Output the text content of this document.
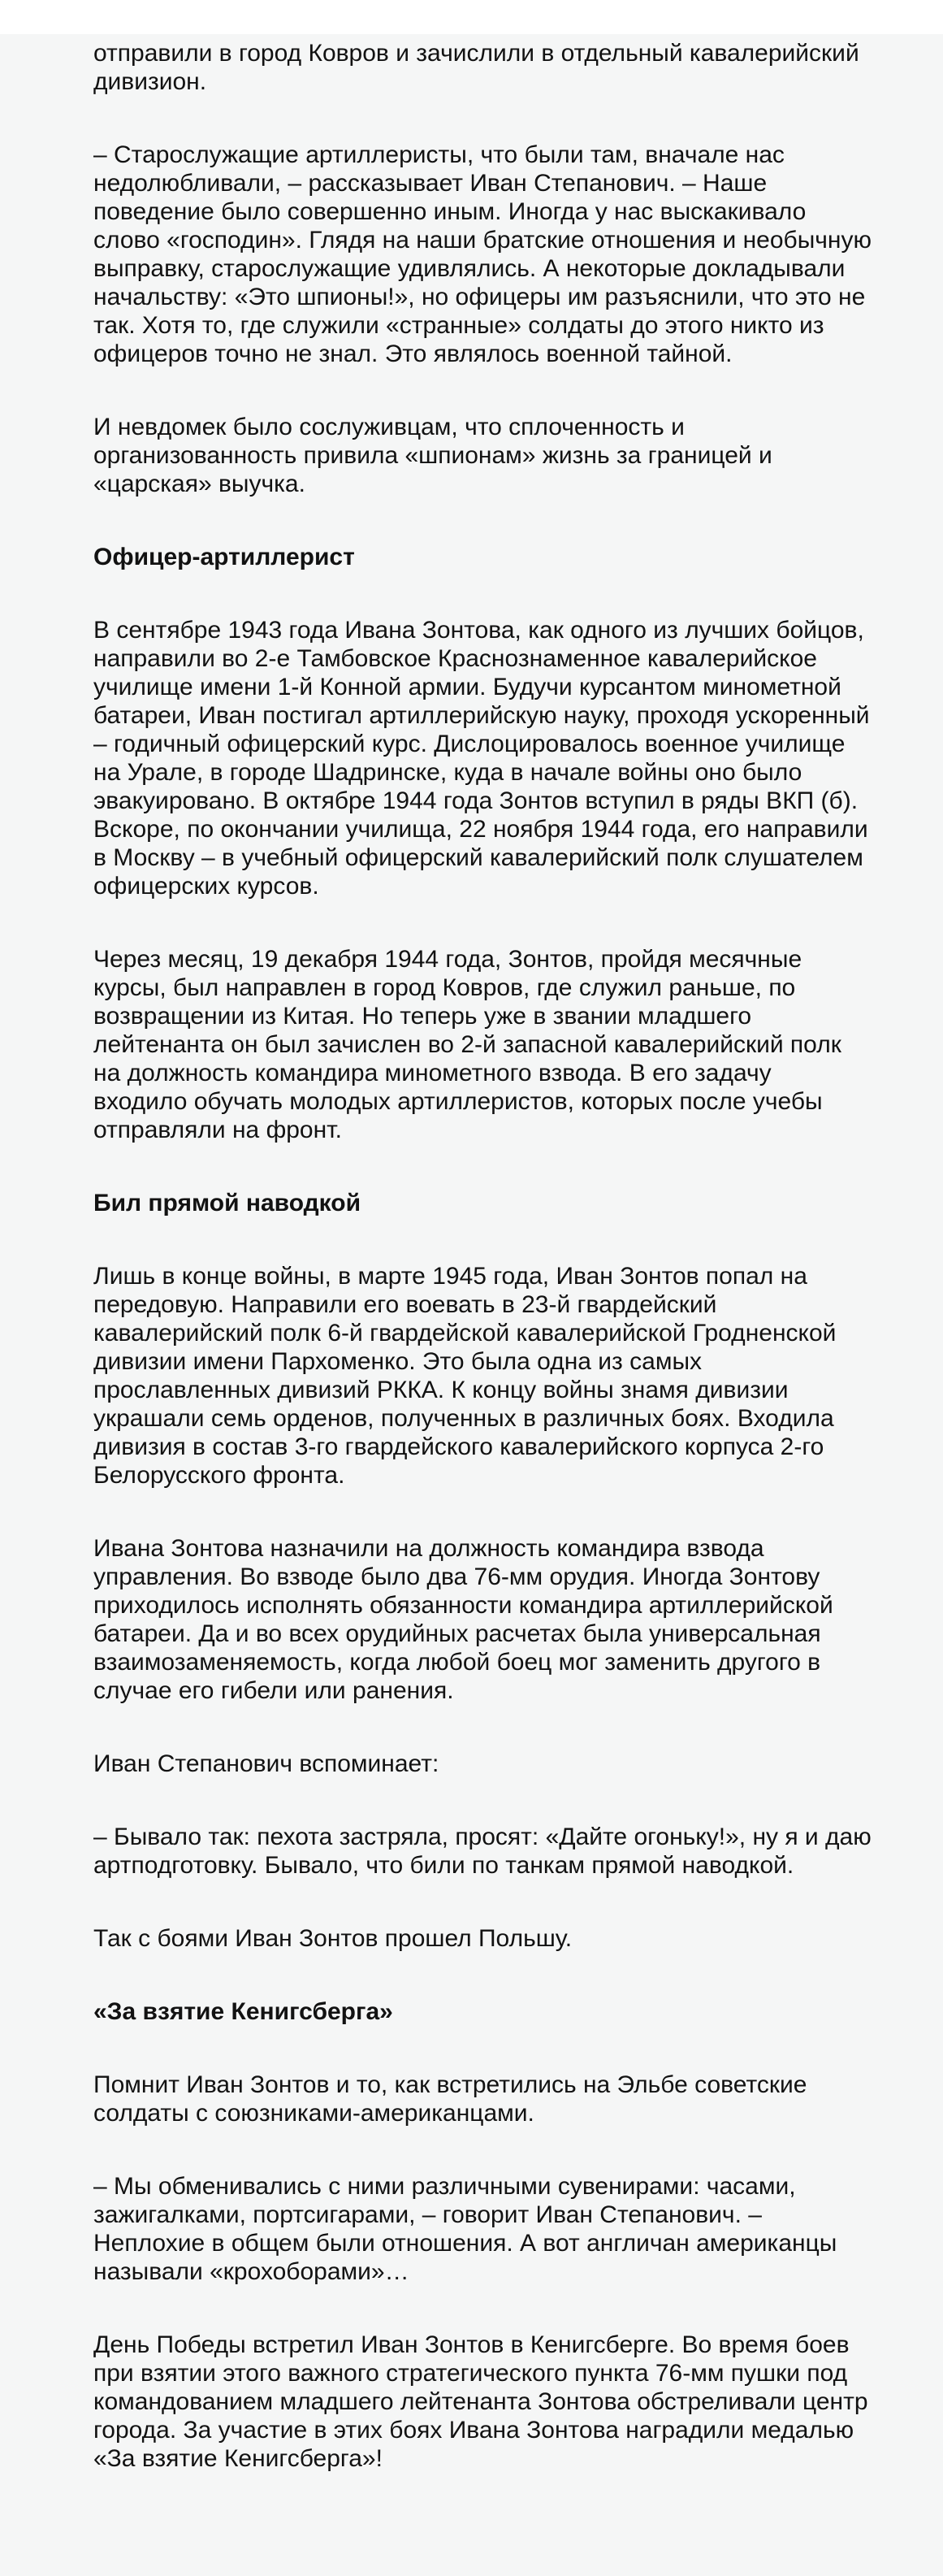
отправили в город Ковров и зачислили в отдельный кавалерийский дивизион.

– Старослужащие артиллеристы, что были там, вначале нас недолюбливали, – рассказывает Иван Степанович. – Наше поведение было совершенно иным. Иногда у нас выскакивало слово «господин». Глядя на наши братские отношения и необычную выправку, старослужащие удивлялись. А некоторые докладывали начальству: «Это шпионы!», но офицеры им разъяснили, что это не так. Хотя то, где служили «странные» солдаты до этого никто из офицеров точно не знал. Это являлось военной тайной.

И невдомек было сослуживцам, что сплоченность и организованность привила «шпионам» жизнь за границей и «царская» выучка.

Офицер-артиллерист

В сентябре 1943 года Ивана Зонтова, как одного из лучших бойцов, направили во 2-е Тамбовское Краснознаменное кавалерийское училище имени 1-й Конной армии. Будучи курсантом минометной батареи, Иван постигал артиллерийскую науку, проходя ускоренный – годичный офицерский курс. Дислоцировалось военное училище на Урале, в городе Шадринске, куда в начале войны оно было эвакуировано. В октябре 1944 года Зонтов вступил в ряды ВКП (б). Вскоре, по окончании училища, 22 ноября 1944 года, его направили в Москву – в учебный офицерский кавалерийский полк слушателем офицерских курсов.

Через месяц, 19 декабря 1944 года, Зонтов, пройдя месячные курсы, был направлен в город Ковров, где служил раньше, по возвращении из Китая. Но теперь уже в звании младшего лейтенанта он был зачислен во 2-й запасной кавалерийский полк на должность командира минометного взвода. В его задачу входило обучать молодых артиллеристов, которых после учебы отправляли на фронт.

Бил прямой наводкой

Лишь в конце войны, в марте 1945 года, Иван Зонтов попал на передовую. Направили его воевать в 23-й гвардейский кавалерийский полк 6-й гвардейской кавалерийской Гродненской дивизии имени Пархоменко. Это была одна из самых прославленных дивизий РККА. К концу войны знамя дивизии украшали семь орденов, полученных в различных боях. Входила дивизия в состав 3-го гвардейского кавалерийского корпуса 2-го Белорусского фронта.

Ивана Зонтова назначили на должность командира взвода управления. Во взводе было два 76-мм орудия. Иногда Зонтову приходилось исполнять обязанности командира артиллерийской батареи. Да и во всех орудийных расчетах была универсальная взаимозаменяемость, когда любой боец мог заменить другого в случае его гибели или ранения.

Иван Степанович вспоминает:

– Бывало так: пехота застряла, просят: «Дайте огоньку!», ну я и даю артподготовку. Бывало, что били по танкам прямой наводкой.

Так с боями Иван Зонтов прошел Польшу.

«За взятие Кенигсберга»

Помнит Иван Зонтов и то, как встретились на Эльбе советские солдаты с союзниками-американцами.

– Мы обменивались с ними различными сувенирами: часами, зажигалками, портсигарами, – говорит Иван Степанович. – Неплохие в общем были отношения. А вот англичан американцы называли «крохоборами»…

День Победы встретил Иван Зонтов в Кенигсберге. Во время боев при взятии этого важного стратегического пункта 76-мм пушки под командованием младшего лейтенанта Зонтова обстреливали центр города. За участие в этих боях Ивана Зонтова наградили медалью «За взятие Кенигсберга»!
